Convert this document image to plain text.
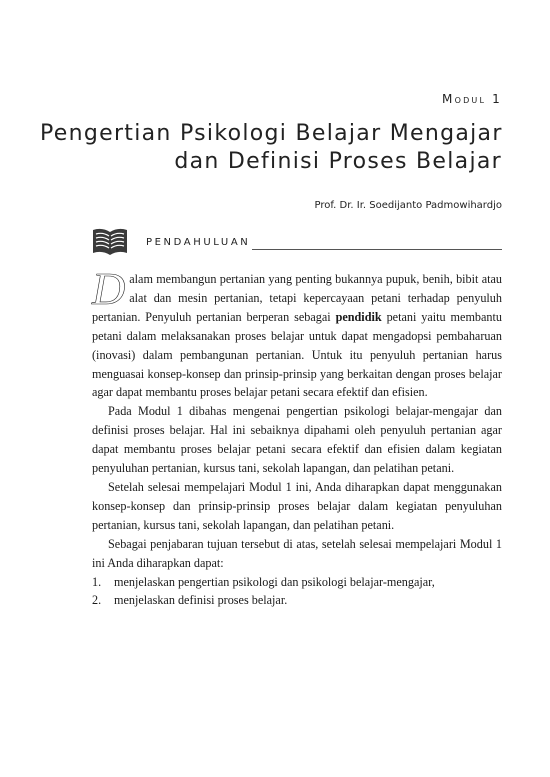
Modul 1
Pengertian Psikologi Belajar Mengajar
dan Definisi Proses Belajar
Prof. Dr. Ir. Soedijanto Padmowihardjo
PENDAHULUAN

Dalam membangun pertanian yang penting bukannya pupuk, benih, bibit atau alat dan mesin pertanian, tetapi kepercayaan petani terhadap penyuluh pertanian. Penyuluh pertanian berperan sebagai pendidik petani yaitu membantu petani dalam melaksanakan proses belajar untuk dapat mengadopsi pembaharuan (inovasi) dalam pembangunan pertanian. Untuk itu penyuluh pertanian harus menguasai konsep-konsep dan prinsip-prinsip yang berkaitan dengan proses belajar agar dapat membantu proses belajar petani secara efektif dan efisien.

Pada Modul 1 dibahas mengenai pengertian psikologi belajar-mengajar dan definisi proses belajar. Hal ini sebaiknya dipahami oleh penyuluh pertanian agar dapat membantu proses belajar petani secara efektif dan efisien dalam kegiatan penyuluhan pertanian, kursus tani, sekolah lapangan, dan pelatihan petani.

Setelah selesai mempelajari Modul 1 ini, Anda diharapkan dapat menggunakan konsep-konsep dan prinsip-prinsip proses belajar dalam kegiatan penyuluhan pertanian, kursus tani, sekolah lapangan, dan pelatihan petani.

Sebagai penjabaran tujuan tersebut di atas, setelah selesai mempelajari Modul 1 ini Anda diharapkan dapat:

1. menjelaskan pengertian psikologi dan psikologi belajar-mengajar,
2. menjelaskan definisi proses belajar.
